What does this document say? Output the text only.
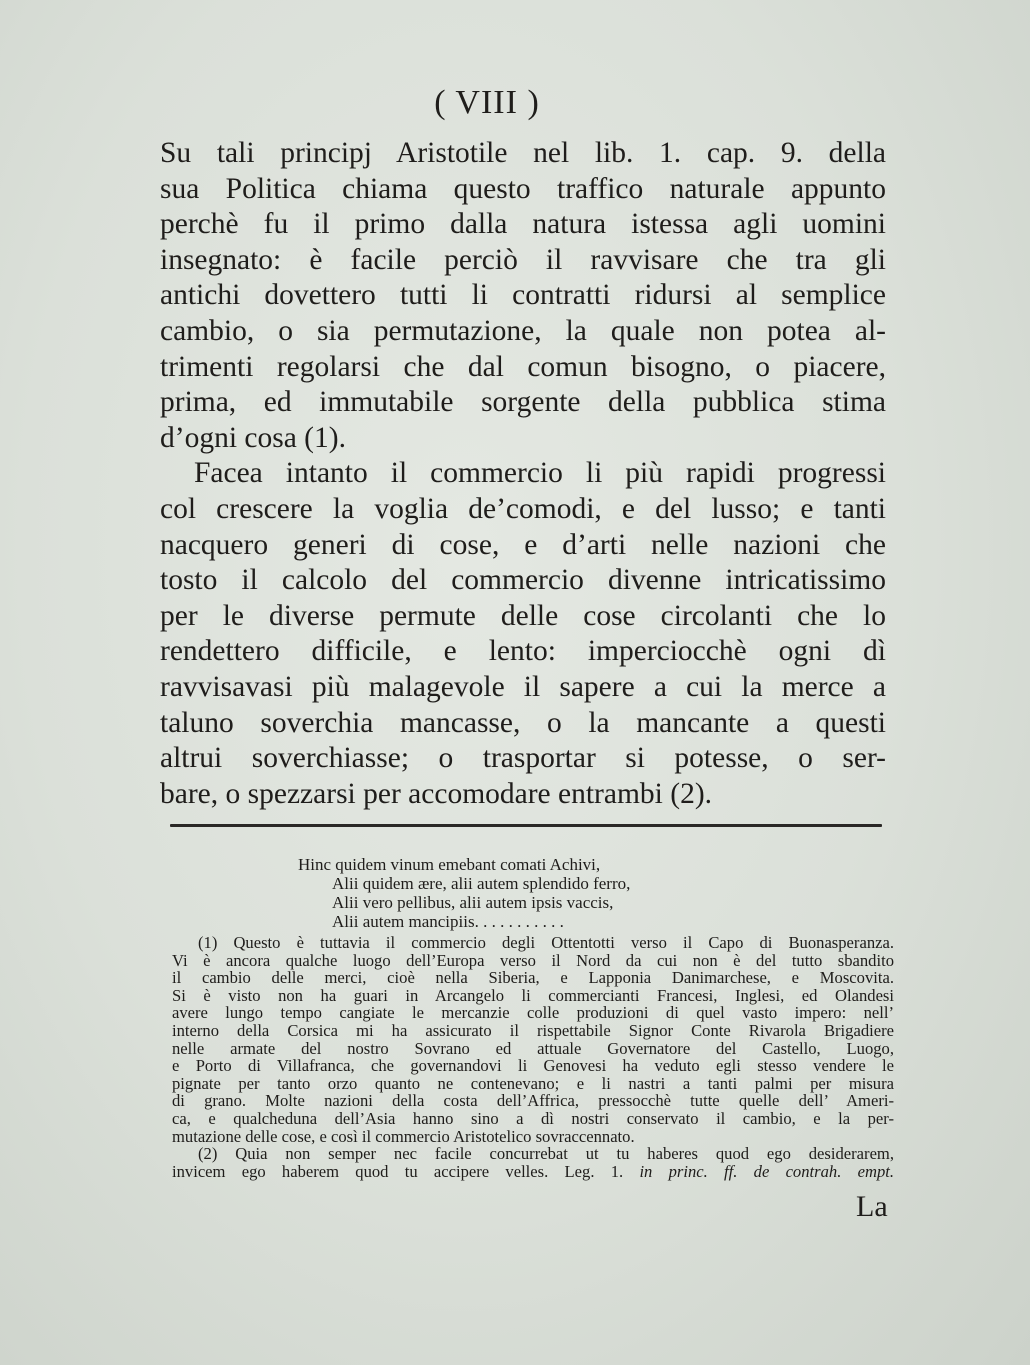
( VIII )
Su tali principj Aristotile nel lib. 1. cap. 9. della
sua Politica chiama questo traffico naturale appunto
perchè fu il primo dalla natura istessa agli uomini
insegnato: è facile perciò il ravvisare che tra gli
antichi dovettero tutti li contratti ridursi al semplice
cambio, o sia permutazione, la quale non potea al-
trimenti regolarsi che dal comun bisogno, o piacere,
prima, ed immutabile sorgente della pubblica stima
d’ogni cosa (1).
Facea intanto il commercio li più rapidi progressi
col crescere la voglia de’comodi, e del lusso; e tanti
nacquero generi di cose, e d’arti nelle nazioni che
tosto il calcolo del commercio divenne intricatissimo
per le diverse permute delle cose circolanti che lo
rendettero difficile, e lento: imperciocchè ogni dì
ravvisavasi più malagevole il sapere a cui la merce a
taluno soverchia mancasse, o la mancante a questi
altrui soverchiasse; o trasportar si potesse, o ser-
bare, o spezzarsi per accomodare entrambi (2).
Hinc quidem vinum emebant comati Achivi,
Alii quidem ære, alii autem splendido ferro,
Alii vero pellibus, alii autem ipsis vaccis,
Alii autem mancipiis. . . . . . . . . . .
(1) Questo è tuttavia il commercio degli Ottentotti verso il Capo di Buonasperanza.
Vi è ancora qualche luogo dell’Europa verso il Nord da cui non è del tutto sbandito
il cambio delle merci, cioè nella Siberia, e Lapponia Danimarchese, e Moscovita.
Si è visto non ha guari in Arcangelo li commercianti Francesi, Inglesi, ed Olandesi
avere lungo tempo cangiate le mercanzie colle produzioni di quel vasto impero: nell’
interno della Corsica mi ha assicurato il rispettabile Signor Conte Rivarola Brigadiere
nelle armate del nostro Sovrano ed attuale Governatore del Castello, Luogo,
e Porto di Villafranca, che governandovi li Genovesi ha veduto egli stesso vendere le
pignate per tanto orzo quanto ne contenevano; e li nastri a tanti palmi per misura
di grano. Molte nazioni della costa dell’Affrica, pressocchè tutte quelle dell’ Ameri-
ca, e qualcheduna dell’Asia hanno sino a dì nostri conservato il cambio, e la per-
mutazione delle cose, e così il commercio Aristotelico sovraccennato.
(2) Quia non semper nec facile concurrebat ut tu haberes quod ego desiderarem,
invicem ego haberem quod tu accipere velles. Leg. 1. in princ. ff. de contrah. empt.
La
